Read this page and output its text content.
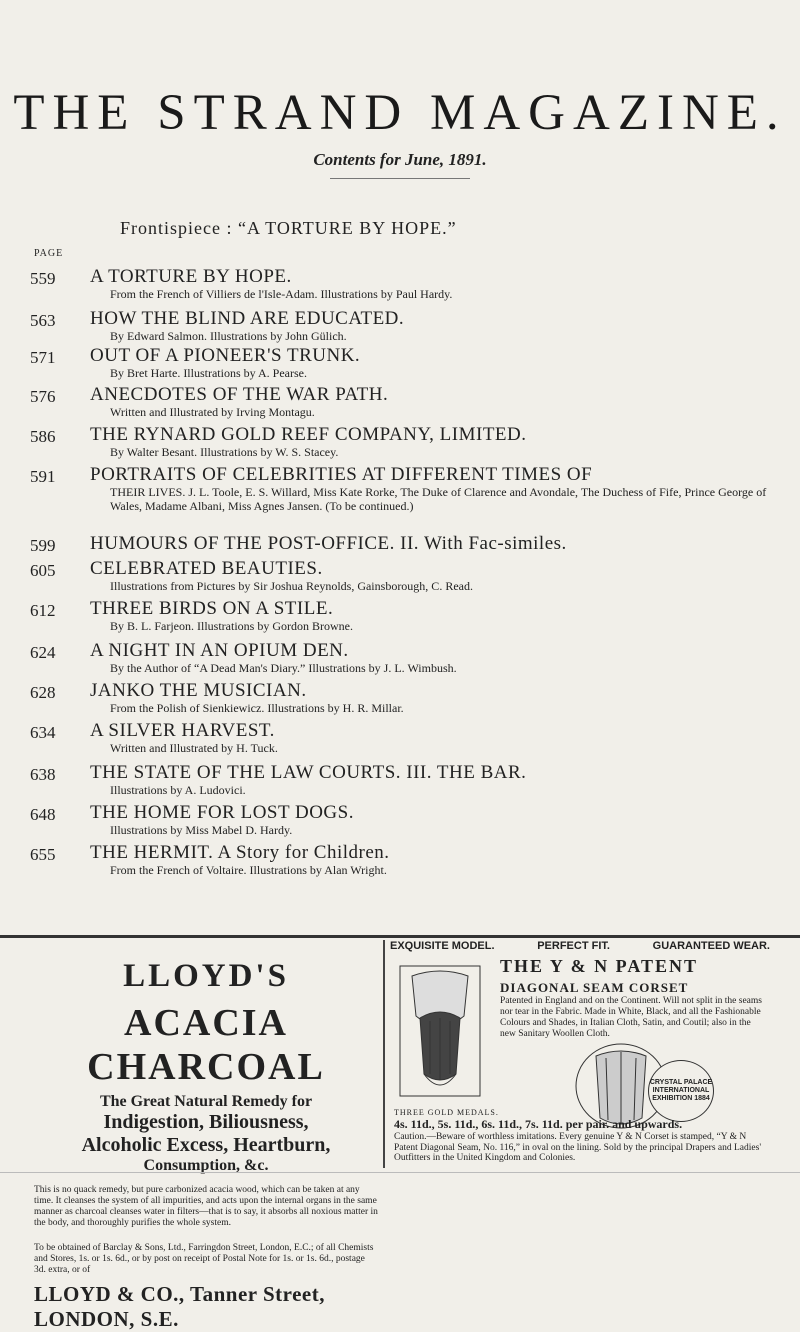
THE STRAND MAGAZINE.
Contents for June, 1891.
Frontispiece : “A TORTURE BY HOPE.”
PAGE
559	A TORTURE BY HOPE.
From the French of Villiers de l'Isle-Adam. Illustrations by Paul Hardy.
563	HOW THE BLIND ARE EDUCATED.
By Edward Salmon. Illustrations by John Gülich.
571	OUT OF A PIONEER'S TRUNK.
By Bret Harte. Illustrations by A. Pearse.
576	ANECDOTES OF THE WAR PATH.
Written and Illustrated by Irving Montagu.
586	THE RYNARD GOLD REEF COMPANY, LIMITED.
By Walter Besant. Illustrations by W. S. Stacey.
591	PORTRAITS OF CELEBRITIES AT DIFFERENT TIMES OF
THEIR LIVES. J. L. Toole, E. S. Willard, Miss Kate Rorke, The Duke of Clarence and Avondale, The Duchess of Fife, Prince George of Wales, Madame Albani, Miss Agnes Jansen. (To be continued.)
599	HUMOURS OF THE POST-OFFICE. II. With Fac-similes.
605	CELEBRATED BEAUTIES.
Illustrations from Pictures by Sir Joshua Reynolds, Gainsborough, C. Read.
612	THREE BIRDS ON A STILE.
By B. L. Farjeon. Illustrations by Gordon Browne.
624	A NIGHT IN AN OPIUM DEN.
By the Author of “A Dead Man's Diary.” Illustrations by J. L. Wimbush.
628	JANKO THE MUSICIAN.
From the Polish of Sienkiewicz. Illustrations by H. R. Millar.
634	A SILVER HARVEST.
Written and Illustrated by H. Tuck.
638	THE STATE OF THE LAW COURTS. III. THE BAR.
Illustrations by A. Ludovici.
648	THE HOME FOR LOST DOGS.
Illustrations by Miss Mabel D. Hardy.
655	THE HERMIT. A Story for Children.
From the French of Voltaire. Illustrations by Alan Wright.
LLOYD'S
ACACIA CHARCOAL
The Great Natural Remedy for
Indigestion, Biliousness,
Alcoholic Excess, Heartburn,
Consumption, &c.

This is no quack remedy, but pure carbonized acacia wood, which can be taken at any time. It cleanses the system of all impurities, and acts upon the internal organs in the same manner as charcoal cleanses water in filters—that is to say, it absorbs all noxious matter in the body, and thoroughly purifies the whole system.

To be obtained of Barclay & Sons, Ltd., Farringdon Street, London, E.C.; of all Chemists and Stores, 1s. or 1s. 6d., or by post on receipt of Postal Note for 1s. or 1s. 6d., postage 3d. extra, or of
LLOYD & CO., Tanner Street, LONDON, S.E.
EXQUISITE MODEL.	PERFECT FIT.	GUARANTEED WEAR.
THE Y & N PATENT
DIAGONAL SEAM CORSET
Patented in England and on the Continent. Will not split in the seams nor tear in the Fabric. Made in White, Black, and all the Fashionable Colours and Shades, in Italian Cloth, Satin, and Coutil; also in the new Sanitary Woollen Cloth.
CRYSTAL PALACE INTERNATIONAL EXHIBITION 1884
THREE GOLD MEDALS.
4s. 11d., 5s. 11d., 6s. 11d., 7s. 11d. per pair. and upwards.
Caution.—Beware of worthless imitations. Every genuine Y & N Corset is stamped, “Y & N Patent Diagonal Seam, No. 116,” in oval on the lining. Sold by the principal Drapers and Ladies' Outfitters in the United Kingdom and Colonies.
